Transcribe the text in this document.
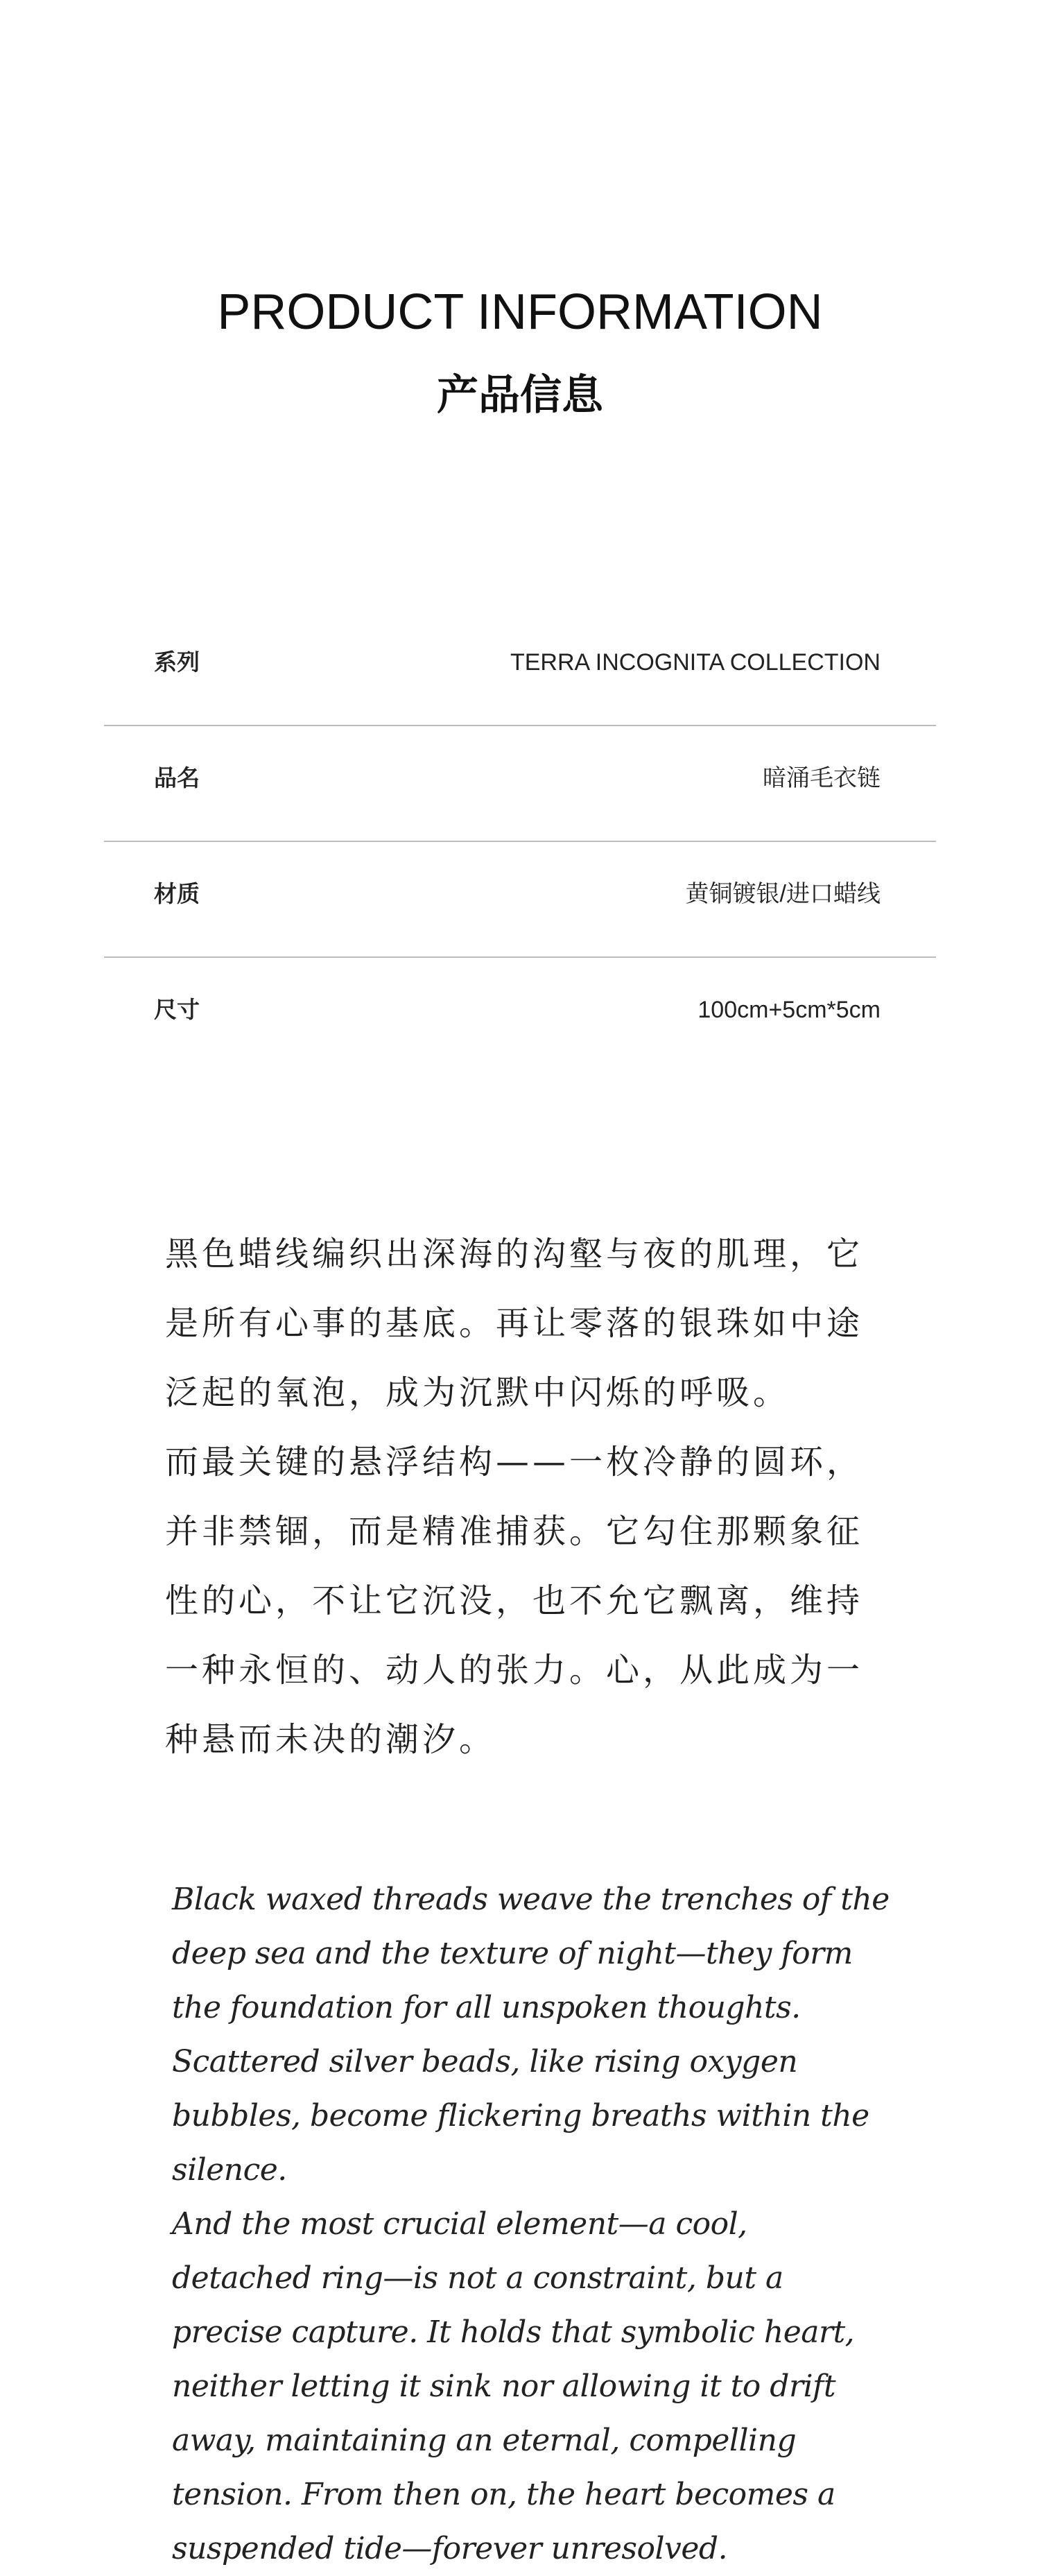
PRODUCT INFORMATION
产品信息
系列	TERRA INCOGNITA COLLECTION
品名	暗涌毛衣链
材质	黄铜镀银/进口蜡线
尺寸	100cm+5cm*5cm

黑色蜡线编织出深海的沟壑与夜的肌理，它是所有心事的基底。再让零落的银珠如中途泛起的氧泡，成为沉默中闪烁的呼吸。

而最关键的悬浮结构——一枚冷静的圆环，并非禁锢，而是精准捕获。它勾住那颗象征性的心，不让它沉没，也不允它飘离，维持一种永恒的、动人的张力。心，从此成为一种悬而未决的潮汐。

Black waxed threads weave the trenches of the deep sea and the texture of night—they form the foundation for all unspoken thoughts. Scattered silver beads, like rising oxygen bubbles, become flickering breaths within the silence.

And the most crucial element—a cool, detached ring—is not a constraint, but a precise capture. It holds that symbolic heart, neither letting it sink nor allowing it to drift away, maintaining an eternal, compelling tension. From then on, the heart becomes a suspended tide—forever unresolved.
